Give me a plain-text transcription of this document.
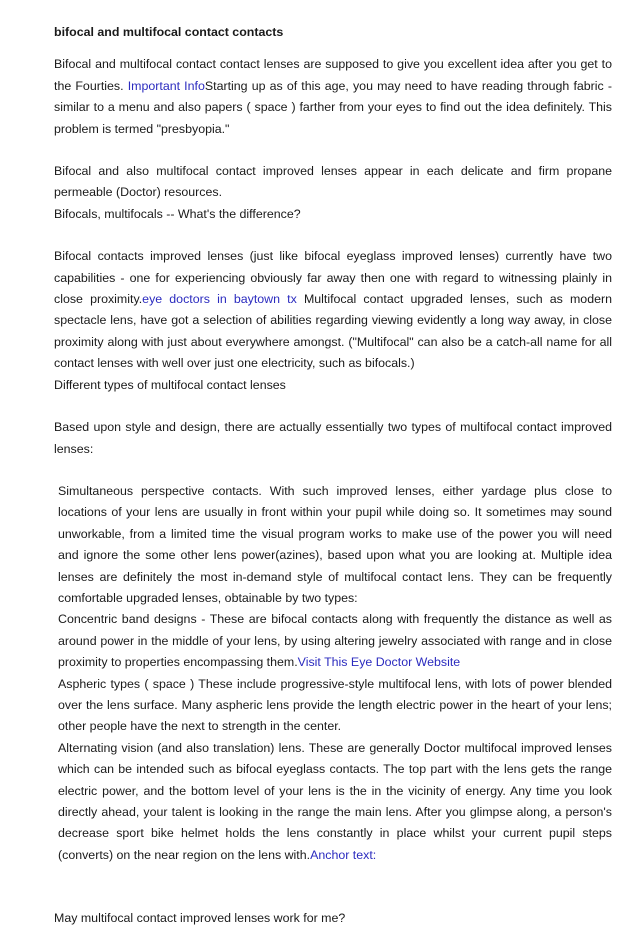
bifocal and multifocal contact contacts

Bifocal and multifocal contact contact lenses are supposed to give you excellent idea after you get to the Fourties. Important InfoStarting up as of this age, you may need to have reading through fabric - similar to a menu and also papers ( space ) farther from your eyes to find out the idea definitely. This problem is termed "presbyopia."

Bifocal and also multifocal contact improved lenses appear in each delicate and firm propane permeable (Doctor) resources.

Bifocals, multifocals -- What's the difference?

Bifocal contacts improved lenses (just like bifocal eyeglass improved lenses) currently have two capabilities - one for experiencing obviously far away then one with regard to witnessing plainly in close proximity.eye doctors in baytown tx Multifocal contact upgraded lenses, such as modern spectacle lens, have got a selection of abilities regarding viewing evidently a long way away, in close proximity along with just about everywhere amongst. ("Multifocal" can also be a catch-all name for all contact lenses with well over just one electricity, such as bifocals.)

Different types of multifocal contact lenses

Based upon style and design, there are actually essentially two types of multifocal contact improved lenses:

Simultaneous perspective contacts. With such improved lenses, either yardage plus close to locations of your lens are usually in front within your pupil while doing so. It sometimes may sound unworkable, from a limited time the visual program works to make use of the power you will need and ignore the some other lens power(azines), based upon what you are looking at. Multiple idea lenses are definitely the most in-demand style of multifocal contact lens. They can be frequently comfortable upgraded lenses, obtainable by two types:

Concentric band designs - These are bifocal contacts along with frequently the distance as well as around power in the middle of your lens, by using altering jewelry associated with range and in close proximity to properties encompassing them.Visit This Eye Doctor Website

Aspheric types ( space ) These include progressive-style multifocal lens, with lots of power blended over the lens surface. Many aspheric lens provide the length electric power in the heart of your lens; other people have the next to strength in the center.

Alternating vision (and also translation) lens. These are generally Doctor multifocal improved lenses which can be intended such as bifocal eyeglass contacts. The top part with the lens gets the range electric power, and the bottom level of your lens is the in the vicinity of energy. Any time you look directly ahead, your talent is looking in the range the main lens. After you glimpse along, a person's decrease sport bike helmet holds the lens constantly in place whilst your current pupil steps (converts) on the near region on the lens with.Anchor text:

May multifocal contact improved lenses work for me?
